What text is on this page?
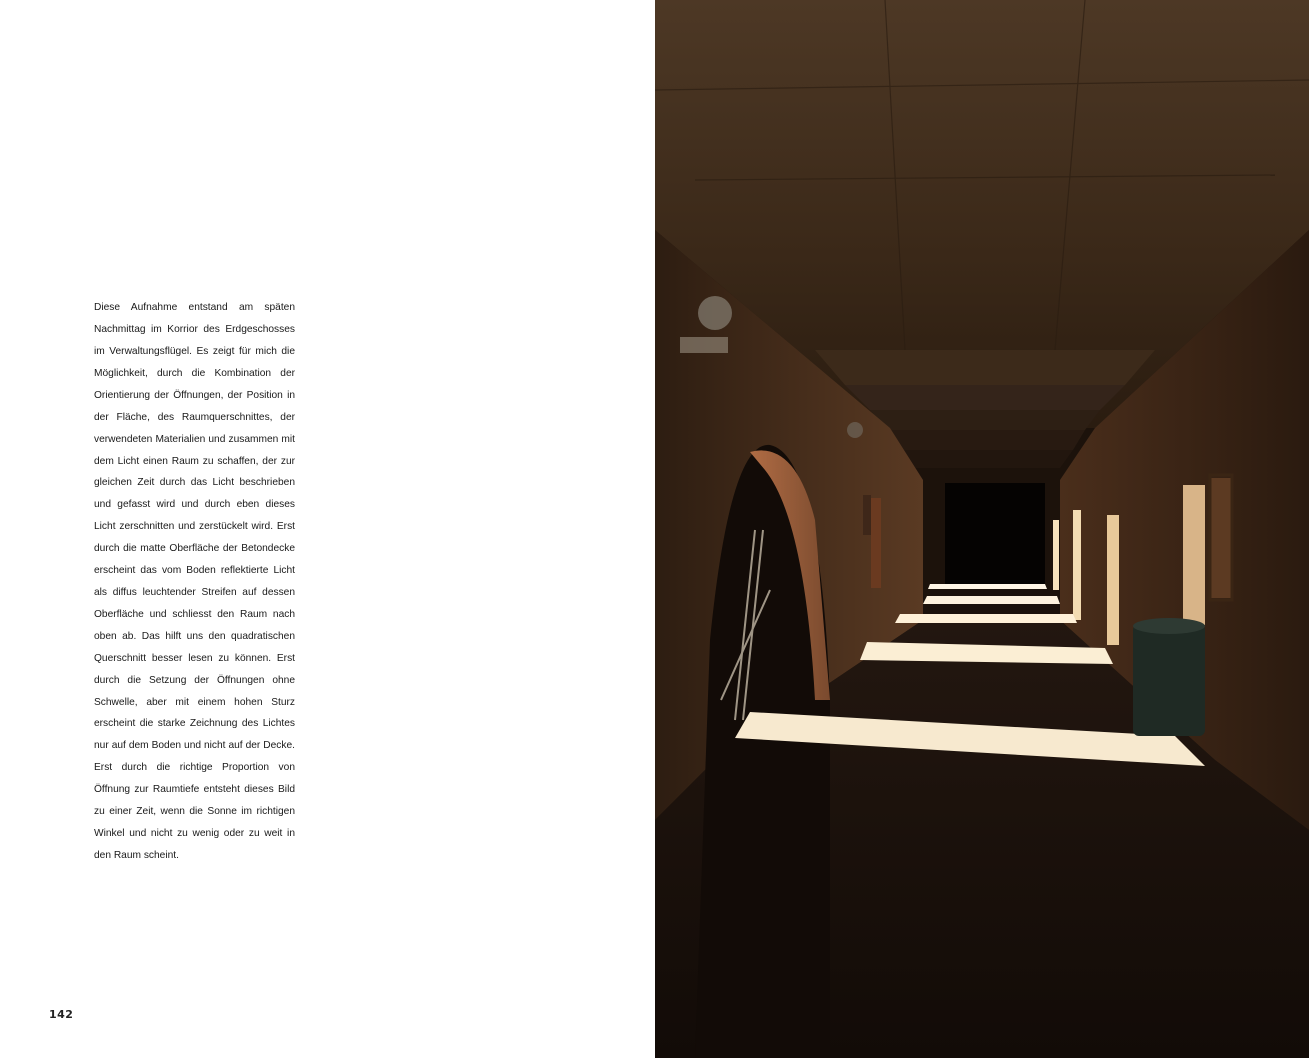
Diese Aufnahme entstand am späten Nachmittag im Korrior des Erdgeschosses im Verwaltungsflügel. Es zeigt für mich die Möglichkeit, durch die Kombination der Orientierung der Öffnungen, der Position in der Fläche, des Raumquerschnittes, der verwendeten Materialien und zusammen mit dem Licht einen Raum zu schaffen, der zur gleichen Zeit durch das Licht beschrieben und gefasst wird und durch eben dieses Licht zerschnitten und zerstückelt wird. Erst durch die matte Oberfläche der Betondecke erscheint das vom Boden reflektierte Licht als diffus leuchtender Streifen auf dessen Oberfläche und schliesst den Raum nach oben ab. Das hilft uns den quadratischen Querschnitt besser lesen zu können. Erst durch die Setzung der Öffnungen ohne Schwelle, aber mit einem hohen Sturz erscheint die starke Zeichnung des Lichtes nur auf dem Boden und nicht auf der Decke. Erst durch die richtige Proportion von Öffnung zur Raumtiefe entsteht dieses Bild zu einer Zeit, wenn die Sonne im richtigen Winkel und nicht zu wenig oder zu weit in den Raum scheint.

142
